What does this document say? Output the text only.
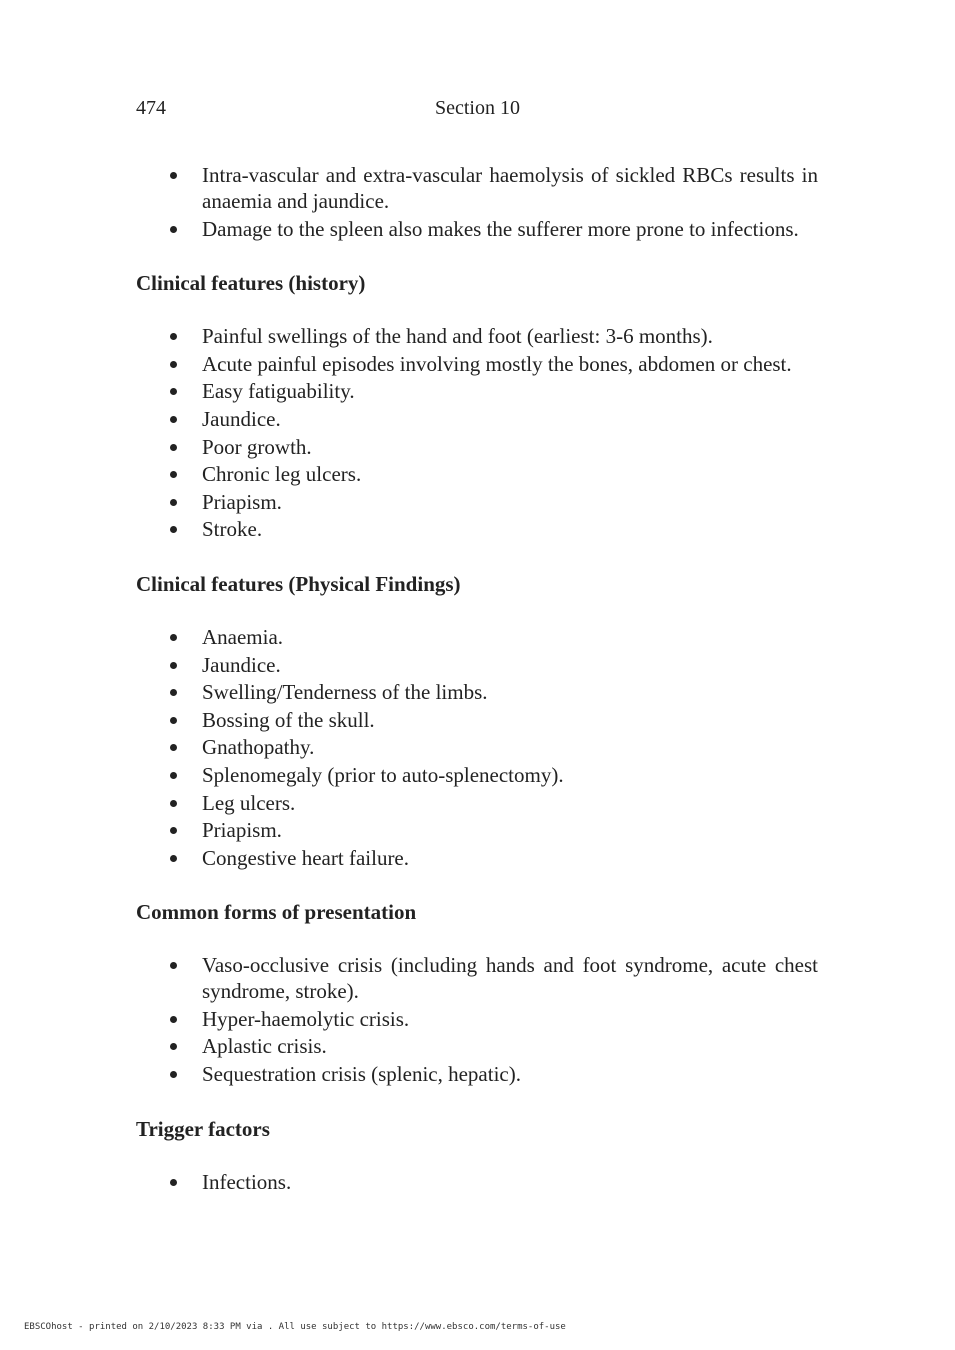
474	Section 10
Intra-vascular and extra-vascular haemolysis of sickled RBCs results in anaemia and jaundice.
Damage to the spleen also makes the sufferer more prone to infections.
Clinical features (history)
Painful swellings of the hand and foot (earliest: 3-6 months).
Acute painful episodes involving mostly the bones, abdomen or chest.
Easy fatiguability.
Jaundice.
Poor growth.
Chronic leg ulcers.
Priapism.
Stroke.
Clinical features (Physical Findings)
Anaemia.
Jaundice.
Swelling/Tenderness of the limbs.
Bossing of the skull.
Gnathopathy.
Splenomegaly (prior to auto-splenectomy).
Leg ulcers.
Priapism.
Congestive heart failure.
Common forms of presentation
Vaso-occlusive crisis (including hands and foot syndrome, acute chest syndrome, stroke).
Hyper-haemolytic crisis.
Aplastic crisis.
Sequestration crisis (splenic, hepatic).
Trigger factors
Infections.
EBSCOhost - printed on 2/10/2023 8:33 PM via . All use subject to https://www.ebsco.com/terms-of-use
